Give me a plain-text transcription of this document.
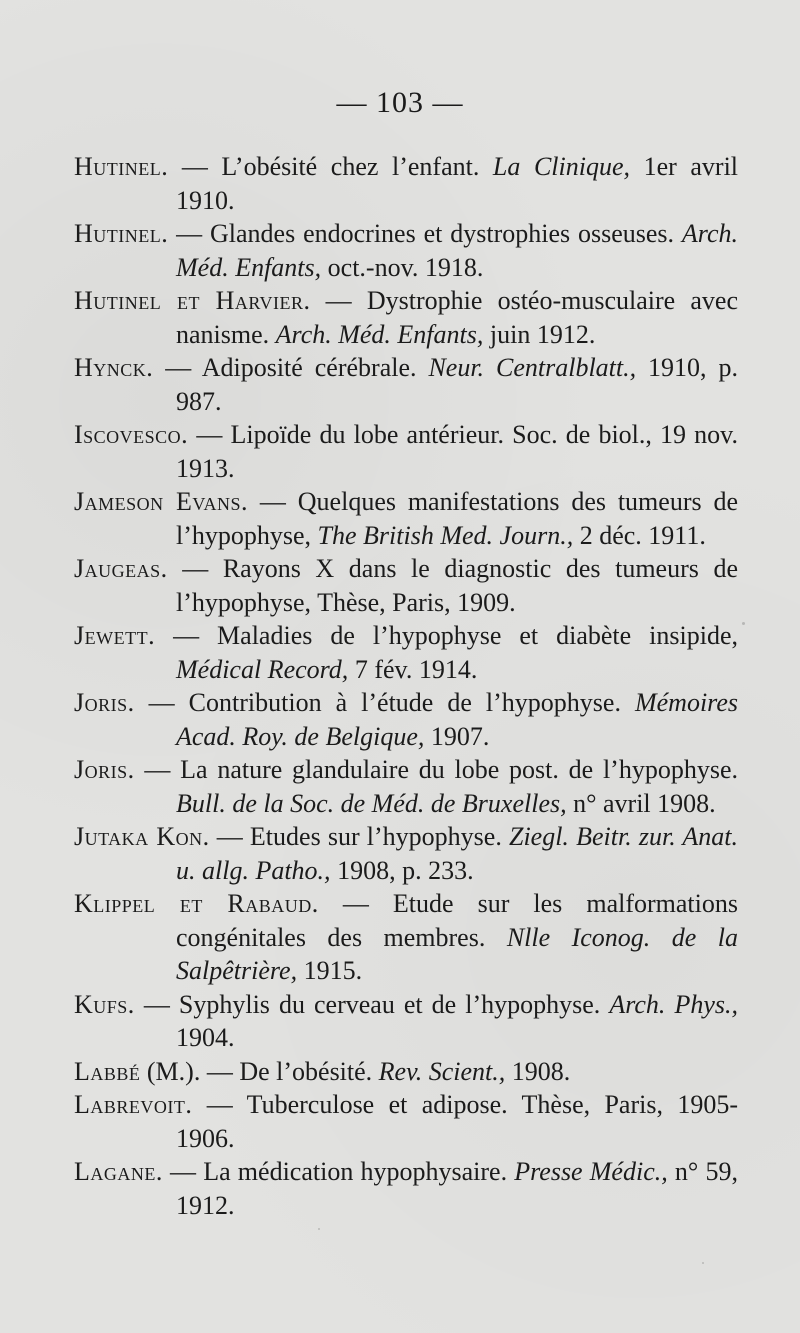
— 103 —
Hutinel. — L’obésité chez l’enfant. La Clinique, 1er avril 1910.
Hutinel. — Glandes endocrines et dystrophies osseuses. Arch. Méd. Enfants, oct.-nov. 1918.
Hutinel et Harvier. — Dystrophie ostéo-musculaire avec nanisme. Arch. Méd. Enfants, juin 1912.
Hynck. — Adiposité cérébrale. Neur. Centralblatt., 1910, p. 987.
Iscovesco. — Lipoïde du lobe antérieur. Soc. de biol., 19 nov. 1913.
Jameson Evans. — Quelques manifestations des tumeurs de l’hypophyse, The British Med. Journ., 2 déc. 1911.
Jaugeas. — Rayons X dans le diagnostic des tumeurs de l’hypophyse, Thèse, Paris, 1909.
Jewett. — Maladies de l’hypophyse et diabète insipide, Médical Record, 7 fév. 1914.
Joris. — Contribution à l’étude de l’hypophyse. Mémoires Acad. Roy. de Belgique, 1907.
Joris. — La nature glandulaire du lobe post. de l’hypophyse. Bull. de la Soc. de Méd. de Bruxelles, n° avril 1908.
Jutaka Kon. — Etudes sur l’hypophyse. Ziegl. Beitr. zur. Anat. u. allg. Patho., 1908, p. 233.
Klippel et Rabaud. — Etude sur les malformations congénitales des membres. Nlle Iconog. de la Salpêtrière, 1915.
Kufs. — Syphylis du cerveau et de l’hypophyse. Arch. Phys., 1904.
Labbé (M.). — De l’obésité. Rev. Scient., 1908.
Labrevoit. — Tuberculose et adipose. Thèse, Paris, 1905-1906.
Lagane. — La médication hypophysaire. Presse Médic., n° 59, 1912.
